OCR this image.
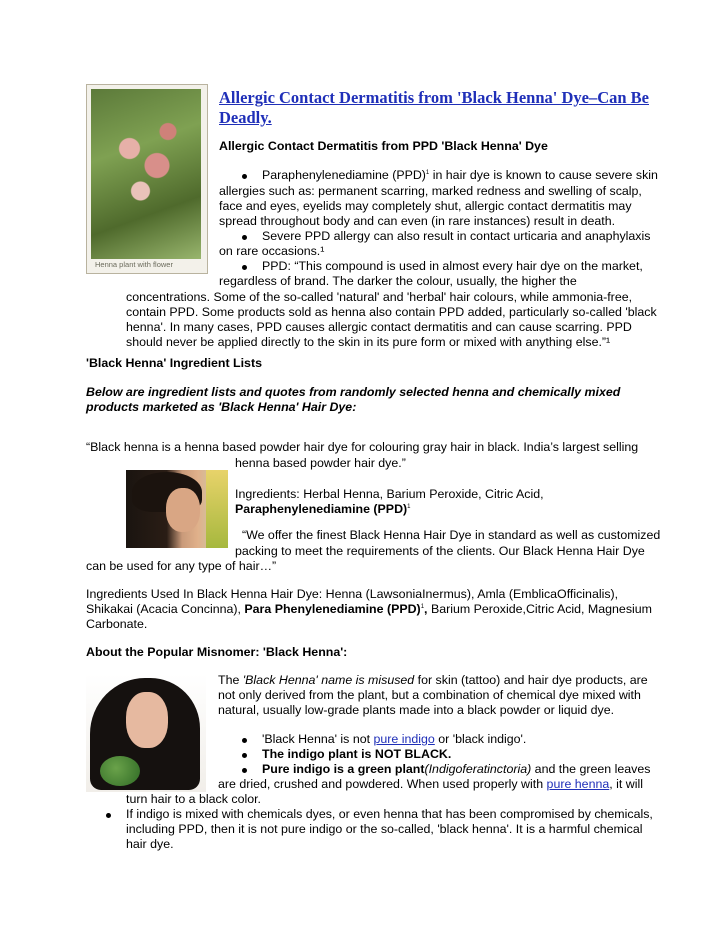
Henna plant with flower
Allergic Contact Dermatitis from 'Black Henna' Dye–Can Be
Deadly.
Allergic Contact Dermatitis from PPD 'Black Henna' Dye
Paraphenylenediamine (PPD)$^1$ in hair dye is known to cause severe skin
allergies such as: permanent scarring, marked redness and swelling of scalp,
face and eyes, eyelids may completely shut, allergic contact dermatitis may
spread throughout body and can even (in rare instances) result in death.
Severe PPD allergy can also result in contact urticaria and anaphylaxis
on rare occasions.¹
PPD: “This compound is used in almost every hair dye on the market,
regardless of brand. The darker the colour, usually, the higher the
concentrations. Some of the so-called 'natural' and 'herbal' hair colours, while ammonia-free,
contain PPD. Some products sold as henna also contain PPD added, particularly so-called 'black
henna'. In many cases, PPD causes allergic contact dermatitis and can cause scarring. PPD
should never be applied directly to the skin in its pure form or mixed with anything else.”¹
'Black Henna' Ingredient Lists
Below are ingredient lists and quotes from randomly selected henna and chemically mixed
products marketed as 'Black Henna' Hair Dye:
“Black henna is a henna based powder hair dye for colouring gray hair in black. India’s largest selling
henna based powder hair dye.”
Ingredients: Herbal Henna, Barium Peroxide, Citric Acid,
Paraphenylenediamine (PPD)$^1$
“We offer the finest Black Henna Hair Dye in standard as well as customized
packing to meet the requirements of the clients. Our Black Henna Hair Dye
can be used for any type of hair…”
Ingredients Used In Black Henna Hair Dye: Henna (LawsoniaInermus), Amla (EmblicaOfficinalis),
Shikakai (Acacia Concinna), Para Phenylenediamine (PPD)$^1$, Barium Peroxide,Citric Acid, Magnesium
Carbonate.
About the Popular Misnomer: 'Black Henna':
The 'Black Henna' name is misused for skin (tattoo) and hair dye products, are
not only derived from the plant, but a combination of chemical dye mixed with
natural, usually low-grade plants made into a black powder or liquid dye.
'Black Henna' is not pure indigo or 'black indigo'.
The indigo plant is NOT BLACK.
Pure indigo is a green plant(Indigoferatinctoria) and the green leaves
are dried, crushed and powdered. When used properly with pure henna, it will
turn hair to a black color.
If indigo is mixed with chemicals dyes, or even henna that has been compromised by chemicals,
including PPD, then it is not pure indigo or the so-called, 'black henna'. It is a harmful chemical
hair dye.
